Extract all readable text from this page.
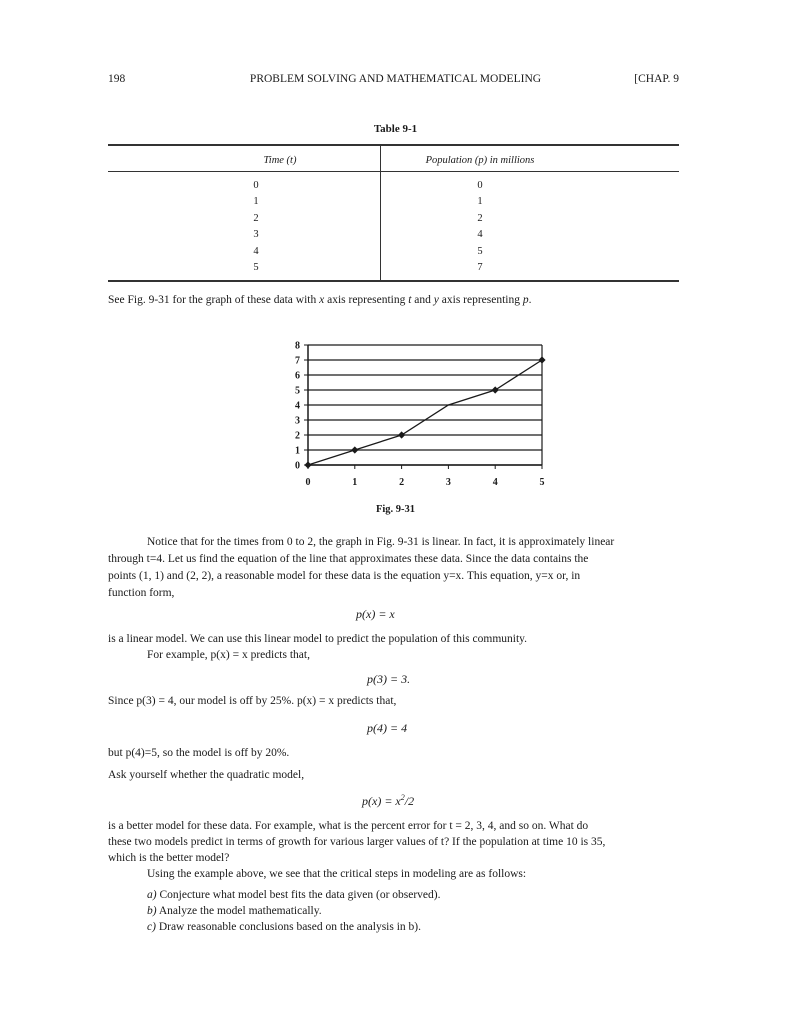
198	PROBLEM SOLVING AND MATHEMATICAL MODELING	[CHAP. 9
Table 9-1
Time (t)	Population (p) in millions
0	0
1	1
2	2
3	4
4	5
5	7
See Fig. 9-31 for the graph of these data with x axis representing t and y axis representing p.
0
1
2
3
4
5
6
7
8
0	1	2	3	4	5
Fig. 9-31
Notice that for the times from 0 to 2, the graph in Fig. 9-31 is linear. In fact, it is approximately linear
through t=4. Let us find the equation of the line that approximates these data. Since the data contains the
points (1, 1) and (2, 2), a reasonable model for these data is the equation y=x. This equation, y=x or, in
function form,
p(x) = x
is a linear model. We can use this linear model to predict the population of this community.
For example, p(x) = x predicts that,
p(3) = 3.
Since p(3) = 4, our model is off by 25%. p(x) = x predicts that,
p(4) = 4
but p(4)=5, so the model is off by 20%.
Ask yourself whether the quadratic model,
$p(x) = x^2/2$
is a better model for these data. For example, what is the percent error for t = 2, 3, 4, and so on. What do
these two models predict in terms of growth for various larger values of t? If the population at time 10 is 35,
which is the better model?
Using the example above, we see that the critical steps in modeling are as follows:
a) Conjecture what model best fits the data given (or observed).
b) Analyze the model mathematically.
c) Draw reasonable conclusions based on the analysis in b).
